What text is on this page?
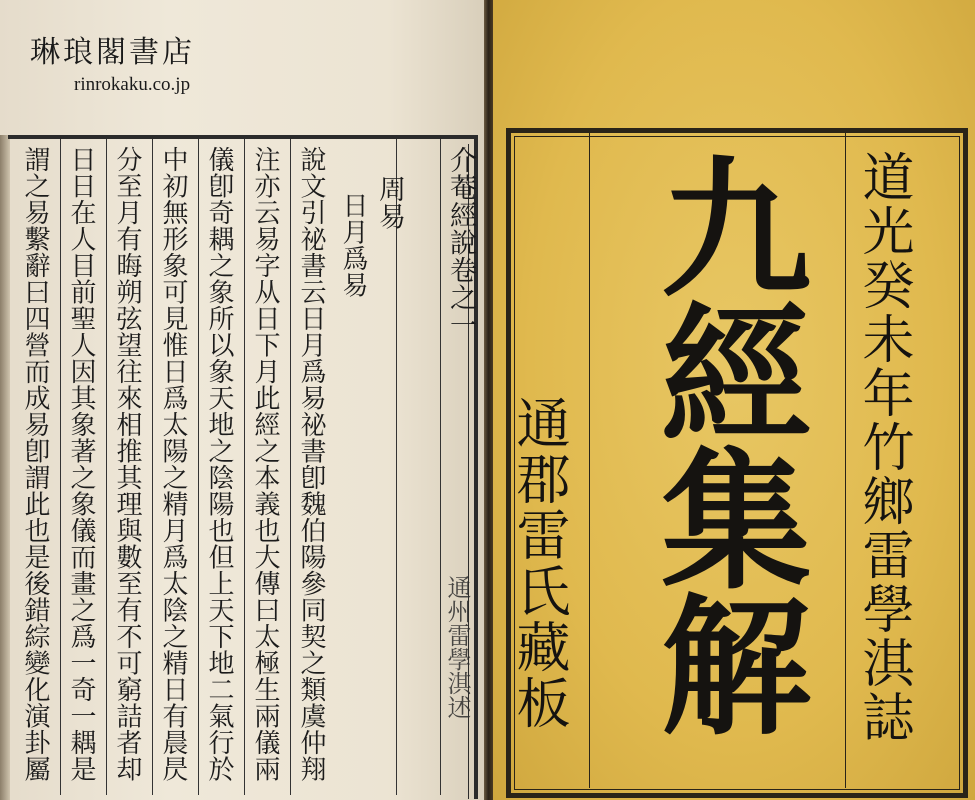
琳琅閣書店
rinrokaku.co.jp
介菴經說卷之一
周易
日月爲易
說文引祕書云日月爲易祕書卽魏伯陽參同契之類虞仲翔
注亦云易字从日下月此經之本義也大傳曰太極生兩儀兩
儀卽奇耦之象所以象天地之陰陽也但上天下地二氣行於
中初無形象可見惟日爲太陽之精月爲太陰之精日有晨昃
分至月有晦朔弦望往來相推其理與數至有不可窮詰者却
日日在人目前聖人因其象著之象儀而畫之爲一奇一耦是
謂之易繫辭曰四營而成易卽謂此也是後錯綜變化演卦屬	通州雷學淇述	道光癸未年竹鄉雷學淇誌
九經集解
通郡雷氏藏板
